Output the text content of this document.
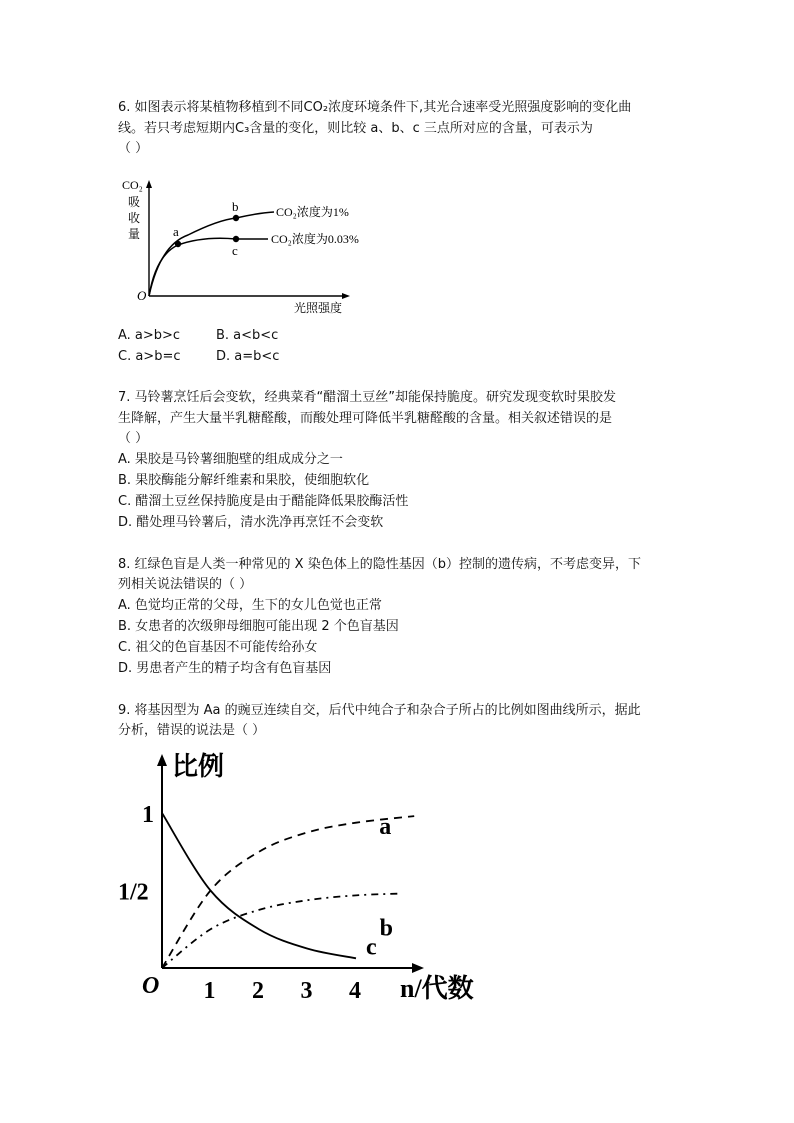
6. 如图表示将某植物移植到不同CO₂浓度环境条件下,其光合速率受光照强度影响的变化曲
线。若只考虑短期内C₃含量的变化，则比较 a、b、c 三点所对应的含量，可表示为
（ ）
CO₂
吸
收
量
O
光照强度
a
b
c
CO₂浓度为1%
CO₂浓度为0.03%
A. a>b>c	B. a<b<c
C. a>b=c	D. a=b<c
7. 马铃薯烹饪后会变软，经典菜肴“醋溜土豆丝”却能保持脆度。研究发现变软时果胶发
生降解，产生大量半乳糖醛酸，而酸处理可降低半乳糖醛酸的含量。相关叙述错误的是
（ ）
A. 果胶是马铃薯细胞壁的组成成分之一
B. 果胶酶能分解纤维素和果胶，使细胞软化
C. 醋溜土豆丝保持脆度是由于醋能降低果胶酶活性
D. 醋处理马铃薯后，清水洗净再烹饪不会变软
8. 红绿色盲是人类一种常见的 X 染色体上的隐性基因（b）控制的遗传病，不考虑变异，下
列相关说法错误的（ ）
A. 色觉均正常的父母，生下的女儿色觉也正常
B. 女患者的次级卵母细胞可能出现 2 个色盲基因
C. 祖父的色盲基因不可能传给孙女
D. 男患者产生的精子均含有色盲基因
9. 将基因型为 Aa 的豌豆连续自交，后代中纯合子和杂合子所占的比例如图曲线所示，据此
分析，错误的说法是（ ）
比例
n/代数
O 1 2 3 4
1
1/2
a
b
c
